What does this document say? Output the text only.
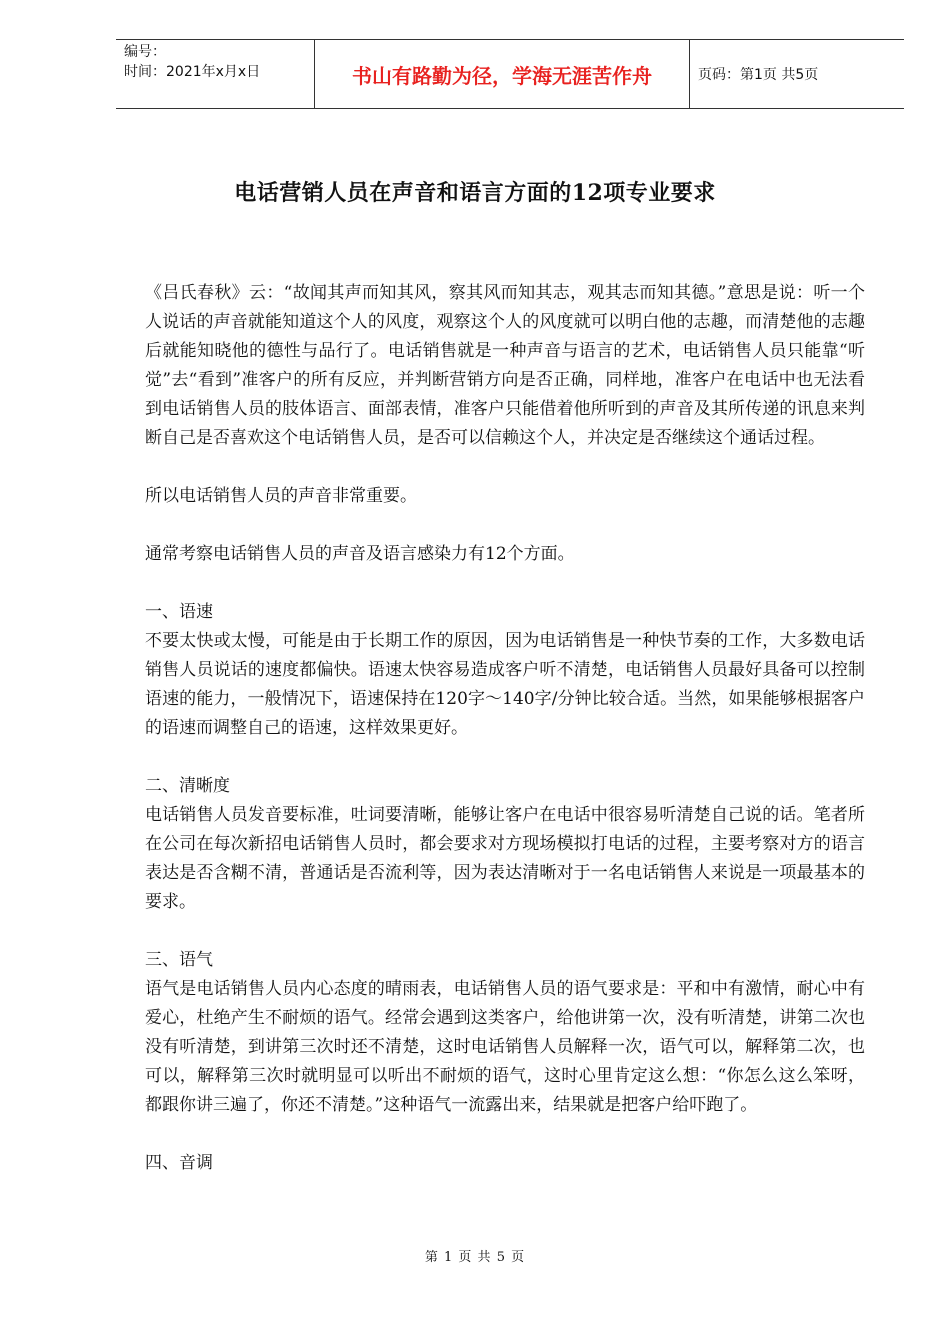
编号：
时间：2021年x月x日	书山有路勤为径，学海无涯苦作舟	页码：第1页 共5页
电话营销人员在声音和语言方面的12项专业要求

《吕氏春秋》云：“故闻其声而知其风，察其风而知其志，观其志而知其德。”意思是说：听一个人说话的声音就能知道这个人的风度，观察这个人的风度就可以明白他的志趣，而清楚他的志趣后就能知晓他的德性与品行了。电话销售就是一种声音与语言的艺术，电话销售人员只能靠“听觉”去“看到”准客户的所有反应，并判断营销方向是否正确，同样地，准客户在电话中也无法看到电话销售人员的肢体语言、面部表情，准客户只能借着他所听到的声音及其所传递的讯息来判断自己是否喜欢这个电话销售人员，是否可以信赖这个人，并决定是否继续这个通话过程。

所以电话销售人员的声音非常重要。

通常考察电话销售人员的声音及语言感染力有12个方面。

一、语速

不要太快或太慢，可能是由于长期工作的原因，因为电话销售是一种快节奏的工作，大多数电话销售人员说话的速度都偏快。语速太快容易造成客户听不清楚，电话销售人员最好具备可以控制语速的能力，一般情况下，语速保持在120字～140字/分钟比较合适。当然，如果能够根据客户的语速而调整自己的语速，这样效果更好。

二、清晰度

电话销售人员发音要标准，吐词要清晰，能够让客户在电话中很容易听清楚自己说的话。笔者所在公司在每次新招电话销售人员时，都会要求对方现场模拟打电话的过程，主要考察对方的语言表达是否含糊不清，普通话是否流利等，因为表达清晰对于一名电话销售人来说是一项最基本的要求。

三、语气

语气是电话销售人员内心态度的晴雨表，电话销售人员的语气要求是：平和中有激情，耐心中有爱心，杜绝产生不耐烦的语气。经常会遇到这类客户，给他讲第一次，没有听清楚，讲第二次也没有听清楚，到讲第三次时还不清楚，这时电话销售人员解释一次，语气可以，解释第二次，也可以，解释第三次时就明显可以听出不耐烦的语气，这时心里肯定这么想：“你怎么这么笨呀，都跟你讲三遍了，你还不清楚。”这种语气一流露出来，结果就是把客户给吓跑了。

四、音调

第 1 页 共 5 页
